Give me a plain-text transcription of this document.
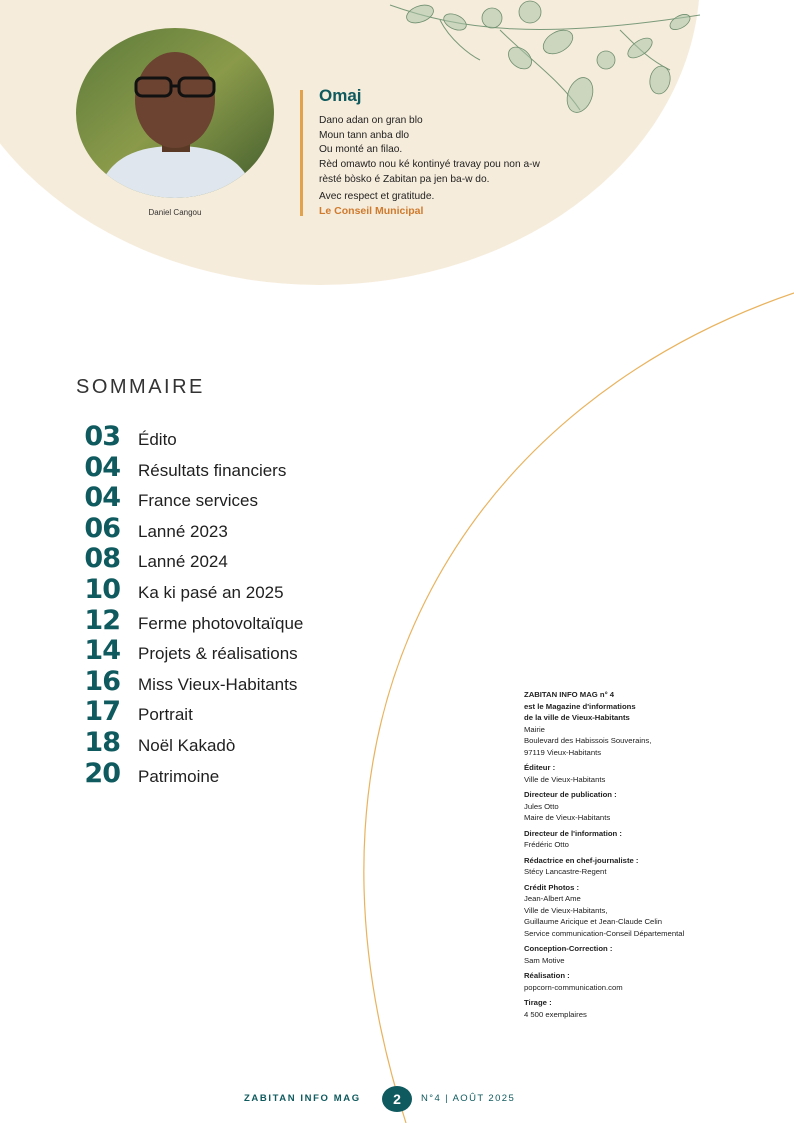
Daniel Cangou
Omaj
Dano adan on gran blo
Moun tann anba dlo
Ou monté an filao.
Rèd omawto nou ké kontinyé travay pou non a-w
rèsté bòsko é Zabitan pa jen ba-w do.
Avec respect et gratitude.
Le Conseil Municipal
SOMMAIRE
03 Édito
04 Résultats financiers
04 France services
06 Lanné 2023
08 Lanné 2024
10 Ka ki pasé an 2025
12 Ferme photovoltaïque
14 Projets & réalisations
16 Miss Vieux-Habitants
17 Portrait
18 Noël Kakadò
20 Patrimoine
ZABITAN INFO MAG n° 4
est le Magazine d'informations
de la ville de Vieux-Habitants
Mairie
Boulevard des Habissois Souverains,
97119 Vieux-Habitants
Éditeur :
Ville de Vieux-Habitants
Directeur de publication :
Jules Otto
Maire de Vieux-Habitants
Directeur de l'information :
Frédéric Otto
Rédactrice en chef-journaliste :
Stécy Lancastre-Regent
Crédit Photos :
Jean-Albert Ame
Ville de Vieux-Habitants,
Guillaume Aricique et Jean-Claude Celin
Service communication-Conseil Départemental
Conception-Correction :
Sam Motive
Réalisation :
popcorn-communication.com
Tirage :
4 500 exemplaires
ZABITAN INFO MAG	2	N°4 | AOÛT 2025
